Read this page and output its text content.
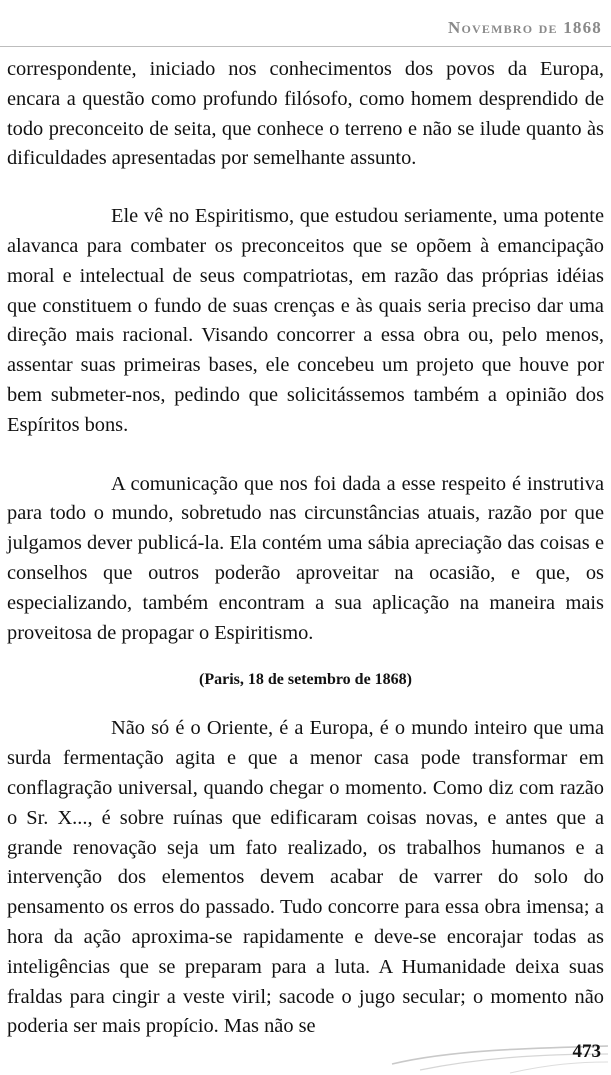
Novembro de 1868

correspondente, iniciado nos conhecimentos dos povos da Europa, encara a questão como profundo filósofo, como homem desprendido de todo preconceito de seita, que conhece o terreno e não se ilude quanto às dificuldades apresentadas por semelhante assunto.

Ele vê no Espiritismo, que estudou seriamente, uma potente alavanca para combater os preconceitos que se opõem à emancipação moral e intelectual de seus compatriotas, em razão das próprias idéias que constituem o fundo de suas crenças e às quais seria preciso dar uma direção mais racional. Visando concorrer a essa obra ou, pelo menos, assentar suas primeiras bases, ele concebeu um projeto que houve por bem submeter-nos, pedindo que solicitássemos também a opinião dos Espíritos bons.

A comunicação que nos foi dada a esse respeito é instrutiva para todo o mundo, sobretudo nas circunstâncias atuais, razão por que julgamos dever publicá-la. Ela contém uma sábia apreciação das coisas e conselhos que outros poderão aproveitar na ocasião, e que, os especializando, também encontram a sua aplicação na maneira mais proveitosa de propagar o Espiritismo.

(Paris, 18 de setembro de 1868)

Não só é o Oriente, é a Europa, é o mundo inteiro que uma surda fermentação agita e que a menor casa pode transformar em conflagração universal, quando chegar o momento. Como diz com razão o Sr. X..., é sobre ruínas que edificaram coisas novas, e antes que a grande renovação seja um fato realizado, os trabalhos humanos e a intervenção dos elementos devem acabar de varrer do solo do pensamento os erros do passado. Tudo concorre para essa obra imensa; a hora da ação aproxima-se rapidamente e deve-se encorajar todas as inteligências que se preparam para a luta. A Humanidade deixa suas fraldas para cingir a veste viril; sacode o jugo secular; o momento não poderia ser mais propício. Mas não se

473
